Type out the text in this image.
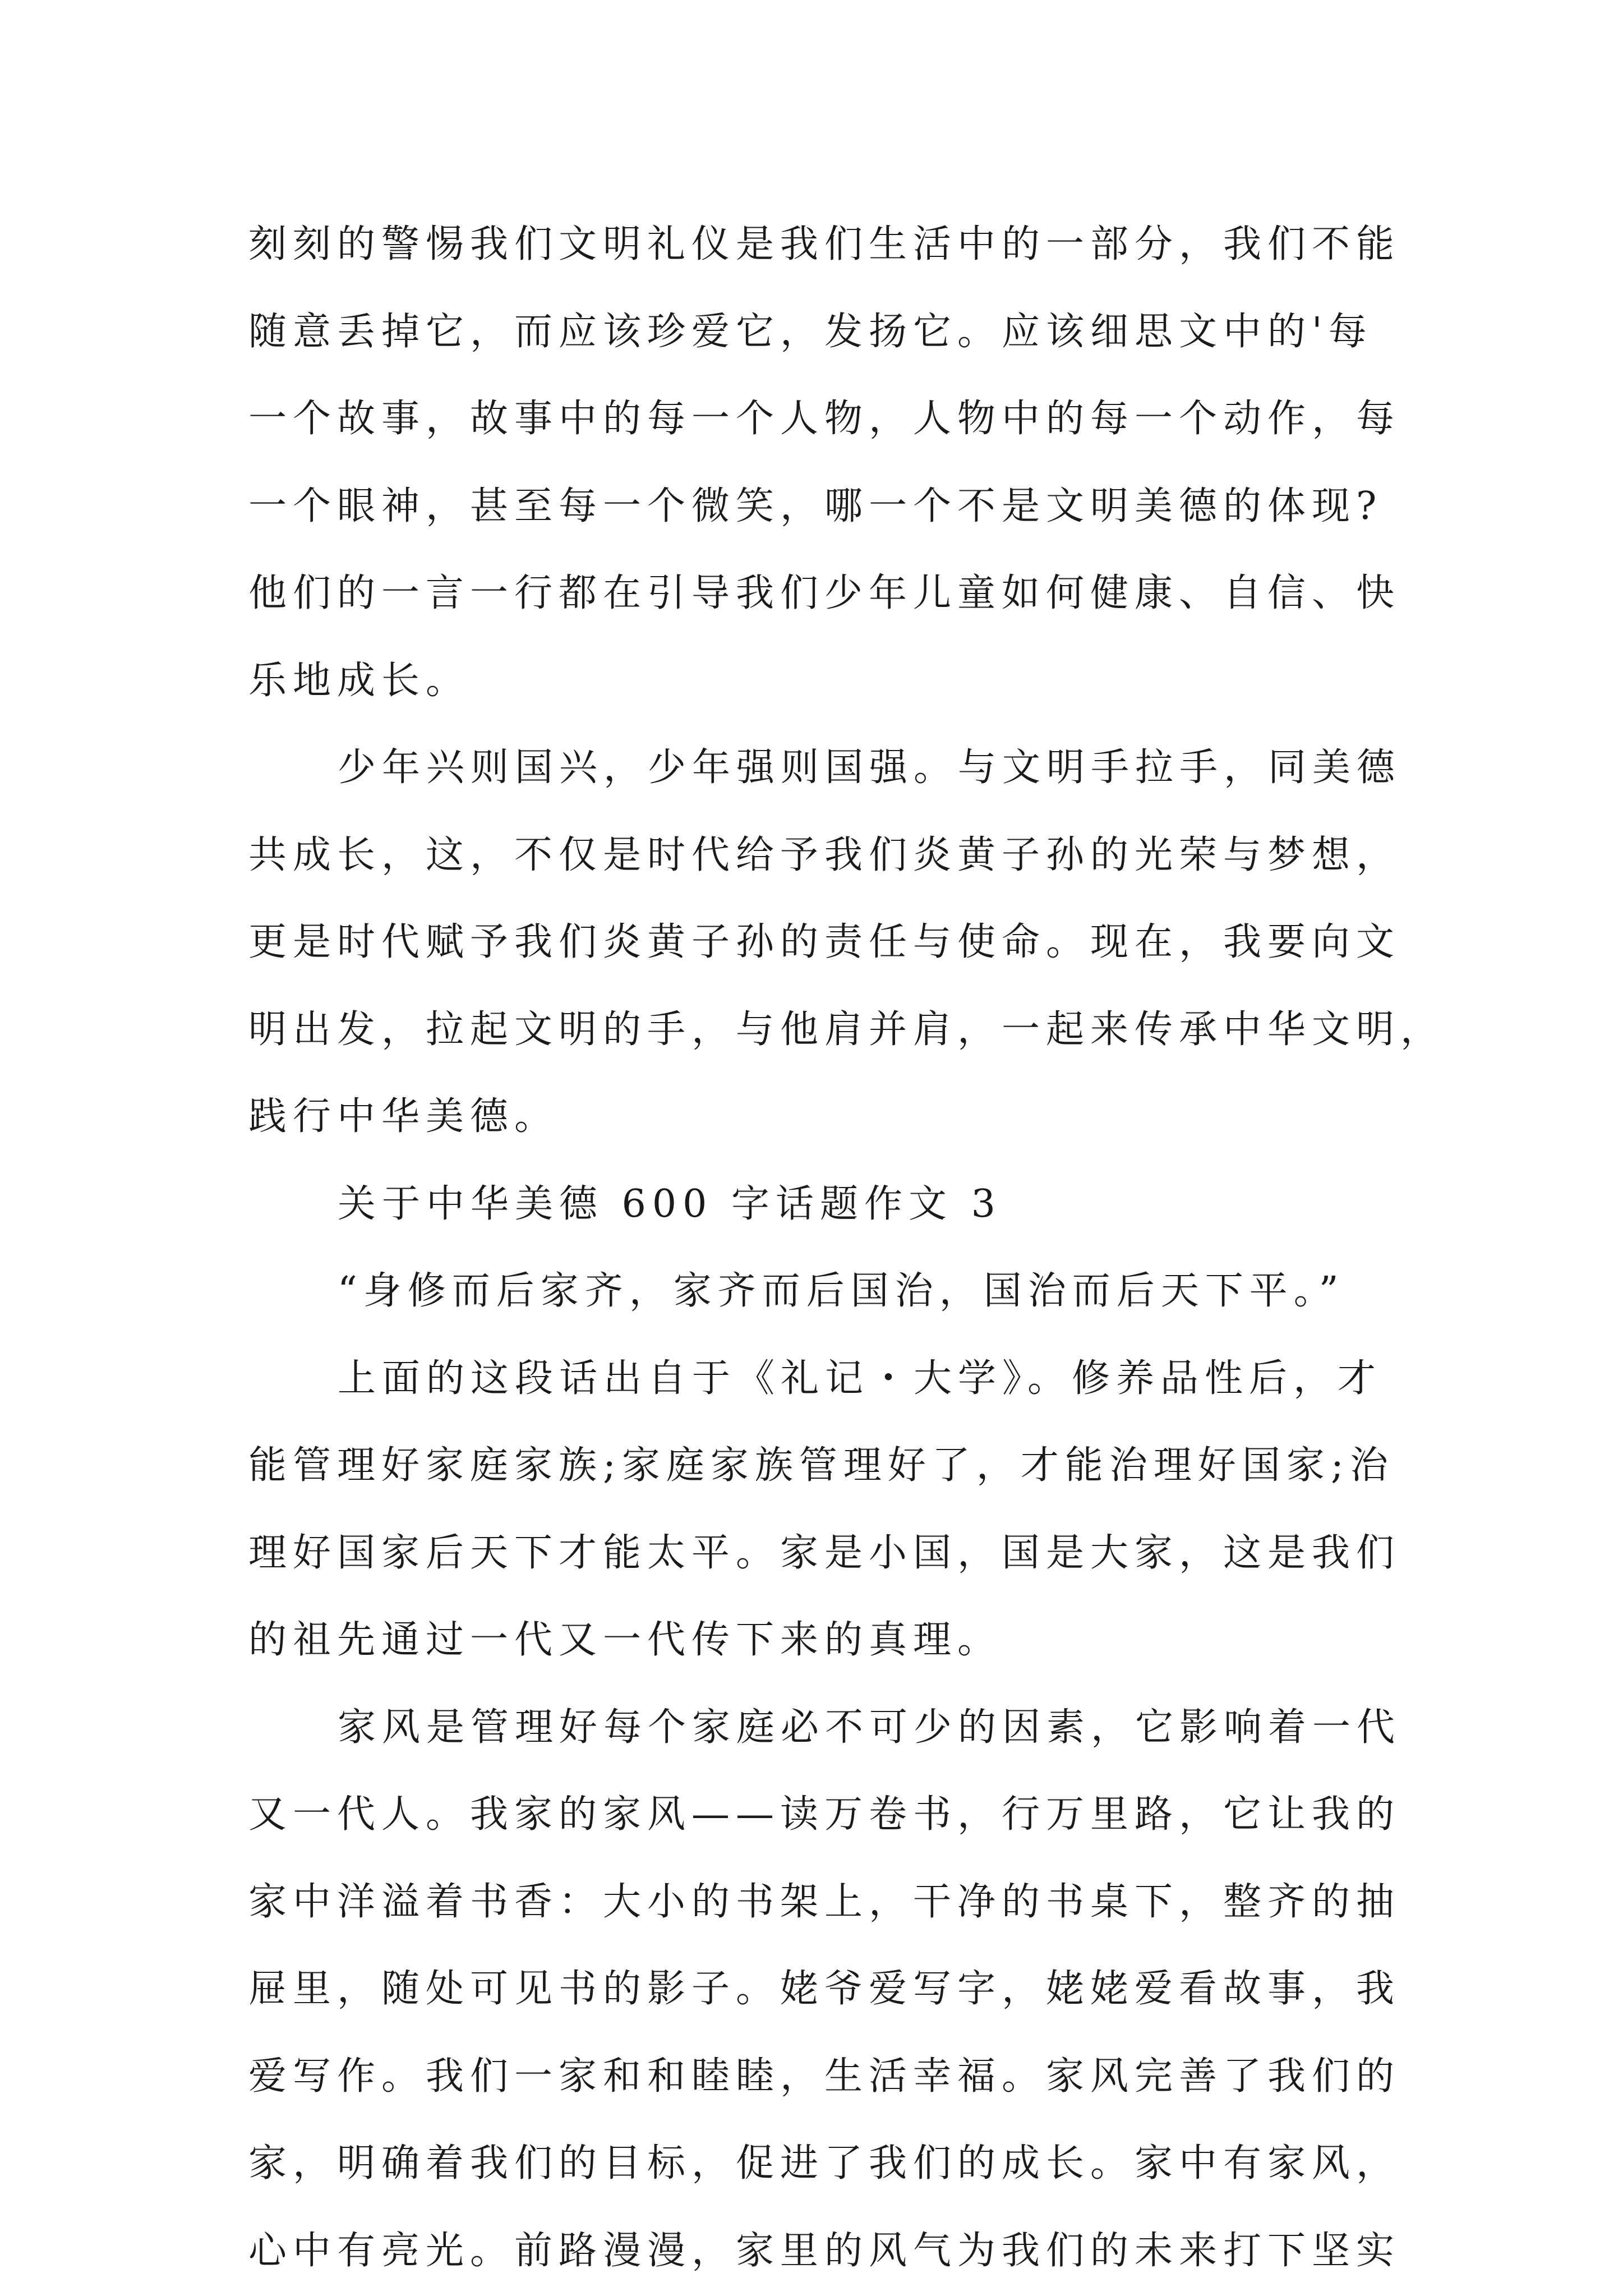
刻刻的警惕我们文明礼仪是我们生活中的一部分，我们不能
随意丢掉它，而应该珍爱它，发扬它。应该细思文中的'每
一个故事，故事中的每一个人物，人物中的每一个动作，每
一个眼神，甚至每一个微笑，哪一个不是文明美德的体现?
他们的一言一行都在引导我们少年儿童如何健康、自信、快
乐地成长。
少年兴则国兴，少年强则国强。与文明手拉手，同美德
共成长，这，不仅是时代给予我们炎黄子孙的光荣与梦想，
更是时代赋予我们炎黄子孙的责任与使命。现在，我要向文
明出发，拉起文明的手，与他肩并肩，一起来传承中华文明，
践行中华美德。
关于中华美德 600 字话题作文 3
“身修而后家齐，家齐而后国治，国治而后天下平。”
上面的这段话出自于《礼记・大学》。修养品性后，才
能管理好家庭家族;家庭家族管理好了，才能治理好国家;治
理好国家后天下才能太平。家是小国，国是大家，这是我们
的祖先通过一代又一代传下来的真理。
家风是管理好每个家庭必不可少的因素，它影响着一代
又一代人。我家的家风——读万卷书，行万里路，它让我的
家中洋溢着书香：大小的书架上，干净的书桌下，整齐的抽
屉里，随处可见书的影子。姥爷爱写字，姥姥爱看故事，我
爱写作。我们一家和和睦睦，生活幸福。家风完善了我们的
家，明确着我们的目标，促进了我们的成长。家中有家风，
心中有亮光。前路漫漫，家里的风气为我们的未来打下坚实
